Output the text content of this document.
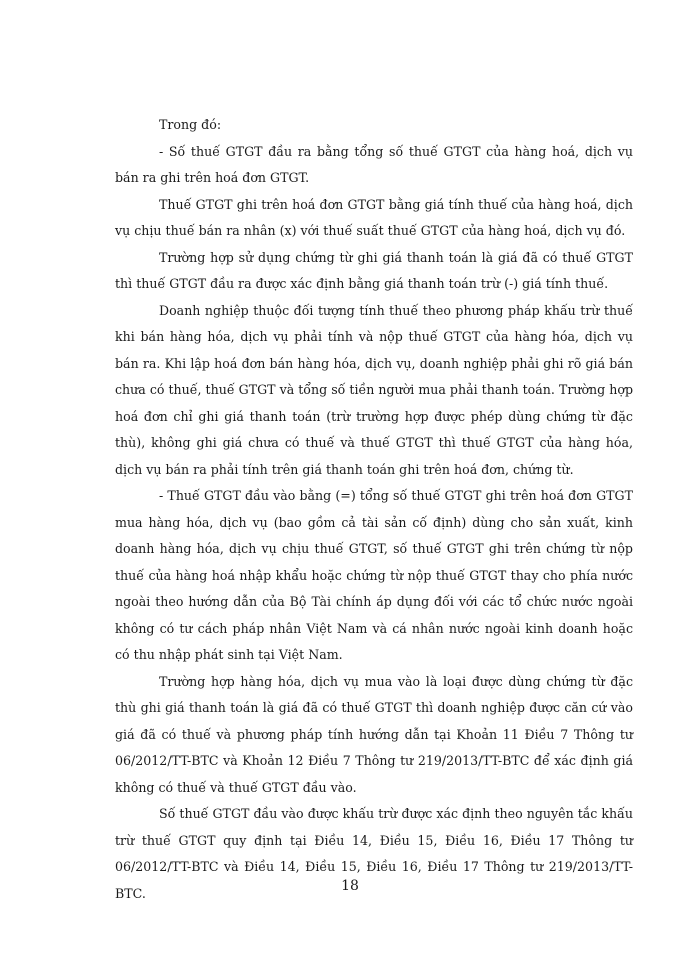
Trong đó:

- Số thuế GTGT đầu ra bằng tổng số thuế GTGT của hàng hoá, dịch vụ bán ra ghi trên hoá đơn GTGT.

Thuế GTGT ghi trên hoá đơn GTGT bằng giá tính thuế của hàng hoá, dịch vụ chịu thuế bán ra nhân (x) với thuế suất thuế GTGT của hàng hoá, dịch vụ đó.

Trường hợp sử dụng chứng từ ghi giá thanh toán là giá đã có thuế GTGT thì thuế GTGT đầu ra được xác định bằng giá thanh toán trừ (-) giá tính thuế.

Doanh nghiệp thuộc đối tượng tính thuế theo phương pháp khấu trừ thuế khi bán hàng hóa, dịch vụ phải tính và nộp thuế GTGT của hàng hóa, dịch vụ bán ra. Khi lập hoá đơn bán hàng hóa, dịch vụ, doanh nghiệp phải ghi rõ giá bán chưa có thuế, thuế GTGT và tổng số tiền người mua phải thanh toán. Trường hợp hoá đơn chỉ ghi giá thanh toán (trừ trường hợp được phép dùng chứng từ đặc thù), không ghi giá chưa có thuế và thuế GTGT thì thuế GTGT của hàng hóa, dịch vụ bán ra phải tính trên giá thanh toán ghi trên hoá đơn, chứng từ.

- Thuế GTGT đầu vào bằng (=) tổng số thuế GTGT ghi trên hoá đơn GTGT mua hàng hóa, dịch vụ (bao gồm cả tài sản cố định) dùng cho sản xuất, kinh doanh hàng hóa, dịch vụ chịu thuế GTGT, số thuế GTGT ghi trên chứng từ nộp thuế của hàng hoá nhập khẩu hoặc chứng từ nộp thuế GTGT thay cho phía nước ngoài theo hướng dẫn của Bộ Tài chính áp dụng đối với các tổ chức nước ngoài không có tư cách pháp nhân Việt Nam và cá nhân nước ngoài kinh doanh hoặc có thu nhập phát sinh tại Việt Nam.

Trường hợp hàng hóa, dịch vụ mua vào là loại được dùng chứng từ đặc thù ghi giá thanh toán là giá đã có thuế GTGT thì doanh nghiệp được căn cứ vào giá đã có thuế và phương pháp tính hướng dẫn tại Khoản 11 Điều 7 Thông tư 06/2012/TT-BTC và Khoản 12 Điều 7 Thông tư 219/2013/TT-BTC để xác định giá không có thuế và thuế GTGT đầu vào.

Số thuế GTGT đầu vào được khấu trừ được xác định theo nguyên tắc khấu trừ thuế GTGT quy định tại Điều 14, Điều 15, Điều 16, Điều 17 Thông tư 06/2012/TT-BTC và Điều 14, Điều 15, Điều 16, Điều 17 Thông tư 219/2013/TT-BTC.	18
